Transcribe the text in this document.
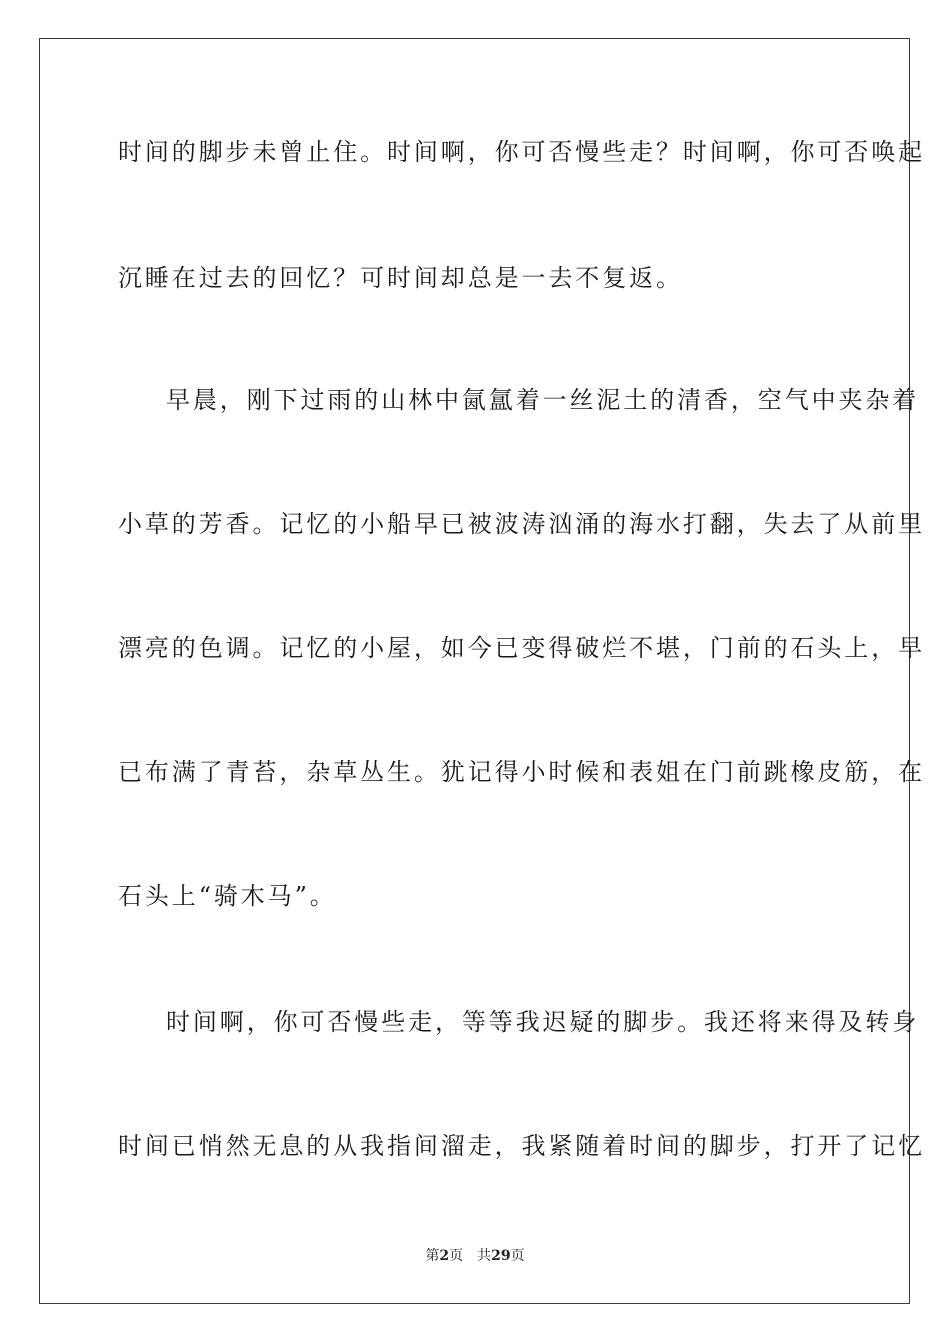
时间的脚步未曾止住。时间啊，你可否慢些走？时间啊，你可否唤起
沉睡在过去的回忆？可时间却总是一去不复返。
早晨，刚下过雨的山林中氤氲着一丝泥土的清香，空气中夹杂着
小草的芳香。记忆的小船早已被波涛汹涌的海水打翻，失去了从前里
漂亮的色调。记忆的小屋，如今已变得破烂不堪，门前的石头上，早
已布满了青苔，杂草丛生。犹记得小时候和表姐在门前跳橡皮筋，在
石头上“骑木马”。
时间啊，你可否慢些走，等等我迟疑的脚步。我还将来得及转身
时间已悄然无息的从我指间溜走，我紧随着时间的脚步，打开了记忆
第2页 共29页
